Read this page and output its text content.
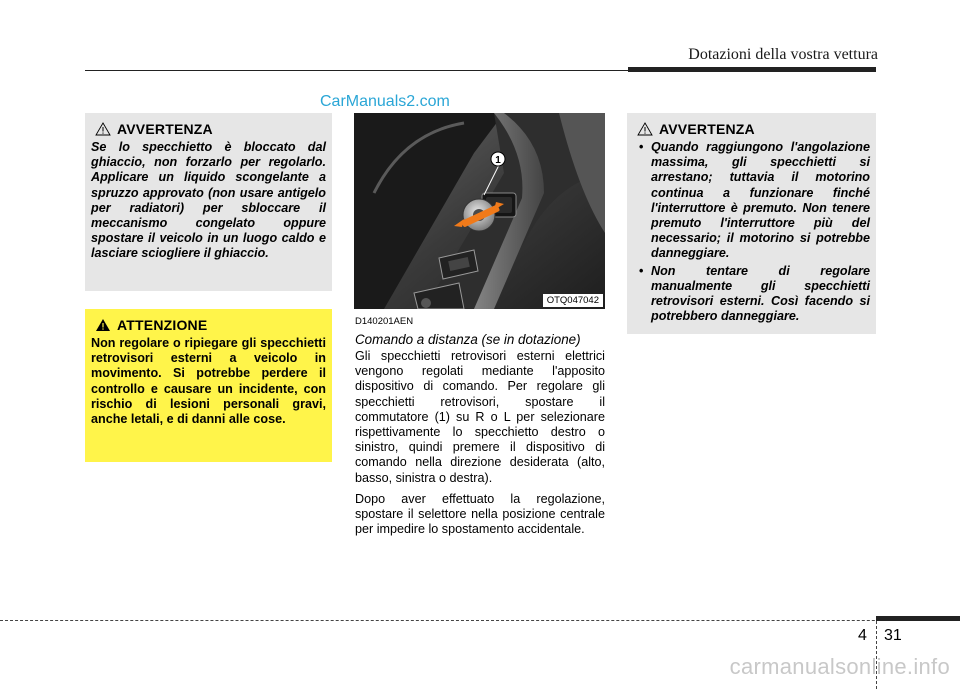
Dotazioni della vostra vettura
CarManuals2.com
AVVERTENZA

Se lo specchietto è bloccato dal ghiaccio, non forzarlo per regolarlo. Applicare un liquido scongelante a spruzzo approvato (non usare antigelo per radiatori) per sbloccare il meccanismo congelato oppure spostare il veicolo in un luogo caldo e lasciare sciogliere il ghiaccio.

ATTENZIONE

Non regolare o ripiegare gli specchietti retrovisori esterni a veicolo in movimento. Si potrebbe perdere il controllo e causare un incidente, con rischio di lesioni personali gravi, anche letali, e di danni alle cose.

1
OTQ047042
D140201AEN
Comando a distanza (se in dotazione)

Gli specchietti retrovisori esterni elettrici vengono regolati mediante l'apposito dispositivo di comando. Per regolare gli specchietti retrovisori, spostare il commutatore (1) su R o L per selezionare rispettivamente lo specchietto destro o sinistro, quindi premere il dispositivo di comando nella direzione desiderata (alto, basso, sinistra o destra).

Dopo aver effettuato la regolazione, spostare il selettore nella posizione centrale per impedire lo spostamento accidentale.

AVVERTENZA
• Quando raggiungono l'angolazione massima, gli specchietti si arrestano; tuttavia il motorino continua a funzionare finché l'interruttore è premuto. Non tenere premuto l'interruttore più del necessario; il motorino si potrebbe danneggiare.
• Non tentare di regolare manualmente gli specchietti retrovisori esterni. Così facendo si potrebbero danneggiare.
4 31
carmanualsonline.info
